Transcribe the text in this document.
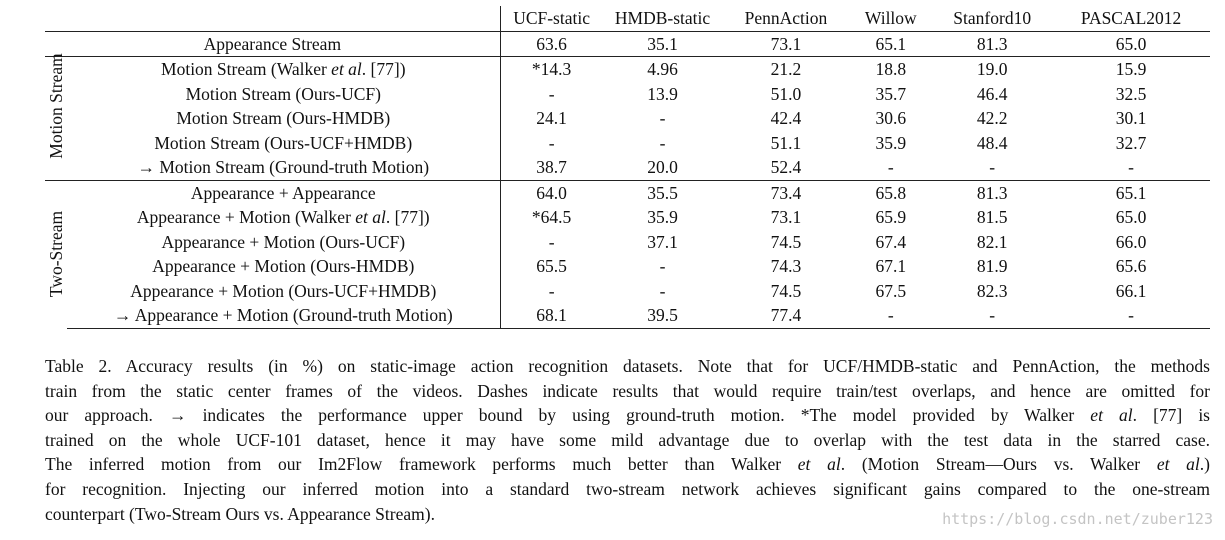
		UCF-static	HMDB-static	PennAction	Willow	Stanford10	PASCAL2012
Appearance Stream		63.6	35.1	73.1	65.1	81.3	65.0

Motion Stream	Motion Stream (Walker et al. [77])	*14.3	4.96	21.2	18.8	19.0	15.9
	Motion Stream (Ours-UCF)	-	13.9	51.0	35.7	46.4	32.5
	Motion Stream (Ours-HMDB)	24.1	-	42.4	30.6	42.2	30.1
	Motion Stream (Ours-UCF+HMDB)	-	-	51.1	35.9	48.4	32.7
	→ Motion Stream (Ground-truth Motion)	38.7	20.0	52.4	-	-	-

Two-Stream	Appearance + Appearance	64.0	35.5	73.4	65.8	81.3	65.1
	Appearance + Motion (Walker et al. [77])	*64.5	35.9	73.1	65.9	81.5	65.0
	Appearance + Motion (Ours-UCF)	-	37.1	74.5	67.4	82.1	66.0
	Appearance + Motion (Ours-HMDB)	65.5	-	74.3	67.1	81.9	65.6
	Appearance + Motion (Ours-UCF+HMDB)	-	-	74.5	67.5	82.3	66.1
	→ Appearance + Motion (Ground-truth Motion)	68.1	39.5	77.4	-	-	-

Table 2. Accuracy results (in %) on static-image action recognition datasets. Note that for UCF/HMDB-static and PennAction, the methods
train from the static center frames of the videos. Dashes indicate results that would require train/test overlaps, and hence are omitted for
our approach. → indicates the performance upper bound by using ground-truth motion. *The model provided by Walker et al. [77] is
trained on the whole UCF-101 dataset, hence it may have some mild advantage due to overlap with the test data in the starred case.
The inferred motion from our Im2Flow framework performs much better than Walker et al. (Motion Stream—Ours vs. Walker et al.)
for recognition. Injecting our inferred motion into a standard two-stream network achieves significant gains compared to the one-stream
counterpart (Two-Stream Ours vs. Appearance Stream).	https://blog.csdn.net/zuber123
